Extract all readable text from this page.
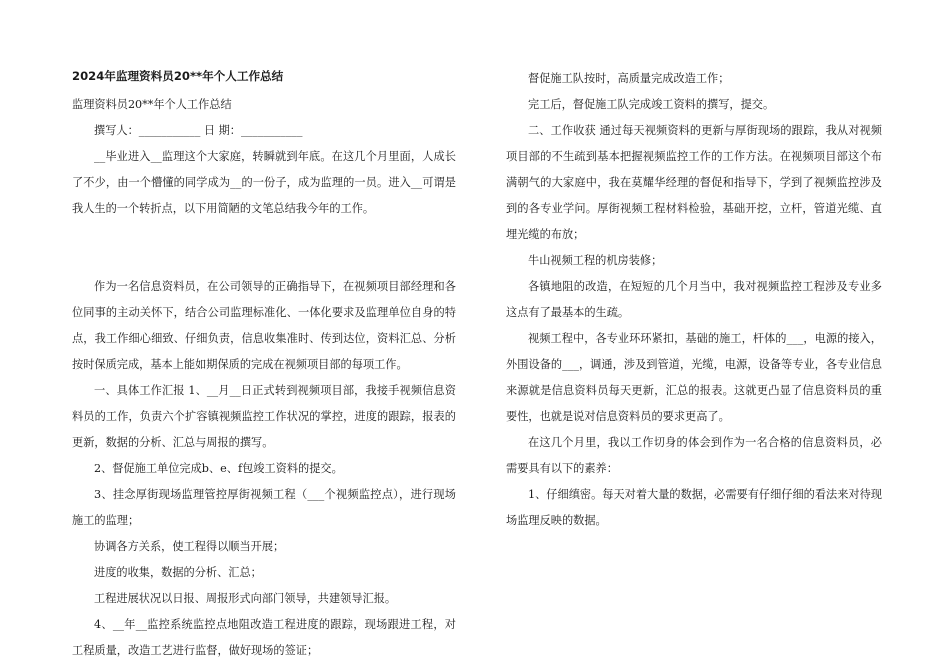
2024年监理资料员20**年个人工作总结

监理资料员20**年个人工作总结

撰写人：___________ 日 期：___________

__毕业进入__监理这个大家庭，转瞬就到年底。在这几个月里面，人成长了不少，由一个懵懂的同学成为__的一份子，成为监理的一员。进入__可谓是我人生的一个转折点，以下用简陋的文笔总结我今年的工作。

作为一名信息资料员，在公司领导的正确指导下，在视频项目部经理和各位同事的主动关怀下，结合公司监理标准化、一体化要求及监理单位自身的特点，我工作细心细致、仔细负责，信息收集准时、传到达位，资料汇总、分析按时保质完成，基本上能如期保质的完成在视频项目部的每项工作。

一、具体工作汇报 1、__月__日正式转到视频项目部，我接手视频信息资料员的工作，负责六个扩容镇视频监控工作状况的掌控，进度的跟踪，报表的更新，数据的分析、汇总与周报的撰写。

2、督促施工单位完成b、e、f包竣工资料的提交。

3、挂念厚街现场监理管控厚街视频工程（___个视频监控点），进行现场施工的监理；

协调各方关系，使工程得以顺当开展；

进度的收集，数据的分析、汇总；

工程进展状况以日报、周报形式向部门领导，共建领导汇报。

4、__年__监控系统监控点地阻改造工程进度的跟踪，现场跟进工程，对工程质量，改造工艺进行监督，做好现场的签证；

督促施工队按时，高质量完成改造工作；

完工后，督促施工队完成竣工资料的撰写，提交。

二、工作收获 通过每天视频资料的更新与厚街现场的跟踪，我从对视频项目部的不生疏到基本把握视频监控工作的工作方法。在视频项目部这个布满朝气的大家庭中，我在莫耀华经理的督促和指导下，学到了视频监控涉及到的各专业学问。厚街视频工程材料检验，基础开挖，立杆，管道光缆、直埋光缆的布放；

牛山视频工程的机房装修；

各镇地阻的改造，在短短的几个月当中，我对视频监控工程涉及专业多这点有了最基本的生疏。

视频工程中，各专业环环紧扣，基础的施工，杆体的___，电源的接入，外围设备的___，调通，涉及到管道，光缆，电源，设备等专业，各专业信息来源就是信息资料员每天更新，汇总的报表。这就更凸显了信息资料员的重要性，也就是说对信息资料员的要求更高了。

在这几个月里，我以工作切身的体会到作为一名合格的信息资料员，必需要具有以下的素养：

1、仔细缜密。每天对着大量的数据，必需要有仔细仔细的看法来对待现场监理反映的数据。
